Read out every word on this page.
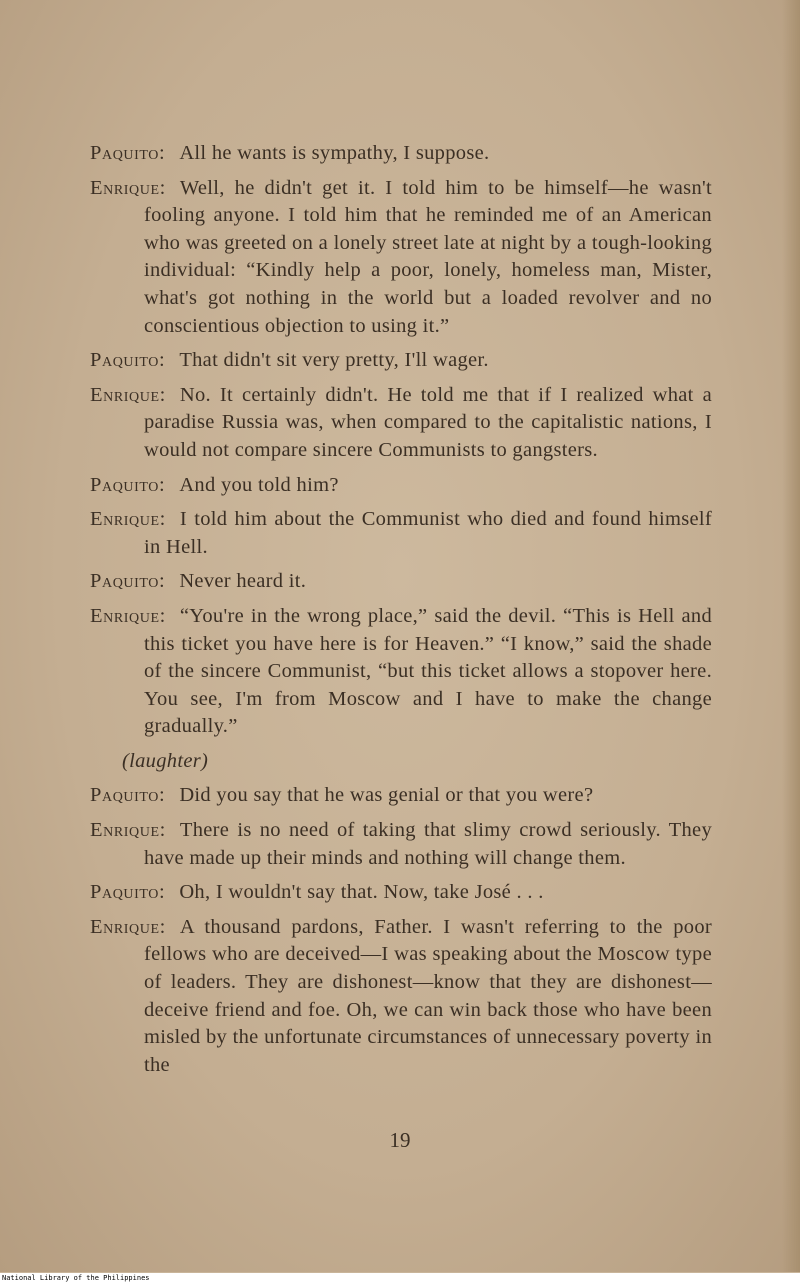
Paquito: All he wants is sympathy, I suppose.

Enrique: Well, he didn't get it. I told him to be himself—he wasn't fooling anyone. I told him that he reminded me of an American who was greeted on a lonely street late at night by a tough-looking individual: “Kindly help a poor, lonely, homeless man, Mister, what's got nothing in the world but a loaded revolver and no conscientious objection to using it.”

Paquito: That didn't sit very pretty, I'll wager.

Enrique: No. It certainly didn't. He told me that if I realized what a paradise Russia was, when compared to the capitalistic nations, I would not compare sincere Communists to gangsters.

Paquito: And you told him?

Enrique: I told him about the Communist who died and found himself in Hell.

Paquito: Never heard it.

Enrique: “You're in the wrong place,” said the devil. “This is Hell and this ticket you have here is for Heaven.” “I know,” said the shade of the sincere Communist, “but this ticket allows a stopover here. You see, I'm from Moscow and I have to make the change gradually.”

(laughter)

Paquito: Did you say that he was genial or that you were?

Enrique: There is no need of taking that slimy crowd seriously. They have made up their minds and nothing will change them.

Paquito: Oh, I wouldn't say that. Now, take José . . .

Enrique: A thousand pardons, Father. I wasn't referring to the poor fellows who are deceived—I was speaking about the Moscow type of leaders. They are dishonest—know that they are dishonest—deceive friend and foe. Oh, we can win back those who have been misled by the unfortunate circumstances of unnecessary poverty in the

19
National Library of the Philippines
